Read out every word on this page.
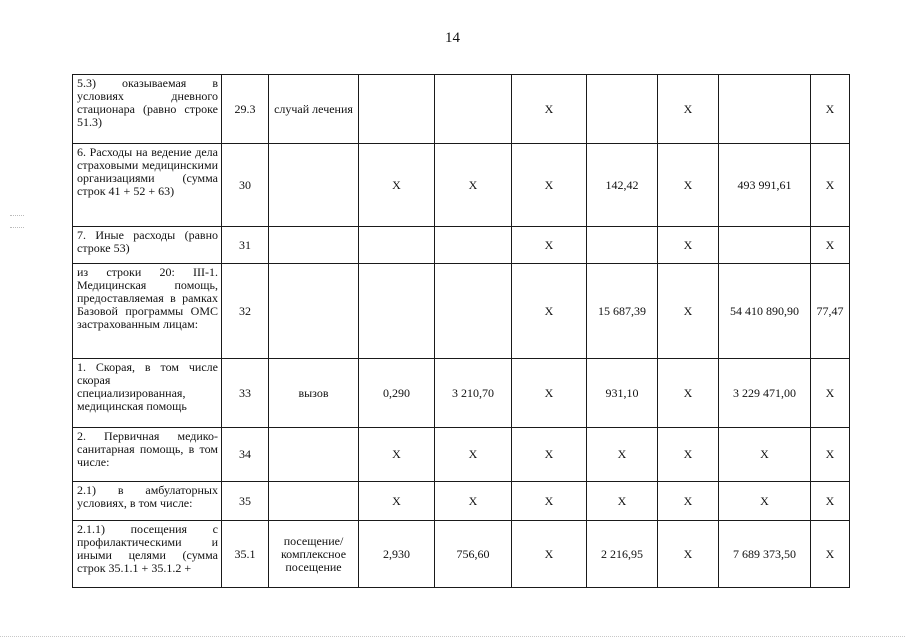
14
5.3) оказываемая в условиях дневного стационара (равно строке 51.3)	29.3	случай лечения			X		X		X
6. Расходы на ведение дела страховыми медицинскими организациями (сумма строк 41 + 52 + 63)	30		X	X	X	142,42	X	493 991,61	X
7. Иные расходы (равно строке 53)	31				X		X		X
из строки 20: III-1. Медицинская помощь, предоставляемая в рамках Базовой программы ОМС застрахованным лицам:	32				X	15 687,39	X	54 410 890,90	77,47
1. Скорая, в том числе скорая специализированная, медицинская помощь	33	вызов	0,290	3 210,70	X	931,10	X	3 229 471,00	X
2. Первичная медико-санитарная помощь, в том числе:	34		X	X	X	X	X	X	X
2.1) в амбулаторных условиях, в том числе:	35		X	X	X	X	X	X	X
2.1.1) посещения с профилактическими и иными целями (сумма строк 35.1.1 + 35.1.2 +	35.1	посещение/ комплексное посещение	2,930	756,60	X	2 216,95	X	7 689 373,50	X
